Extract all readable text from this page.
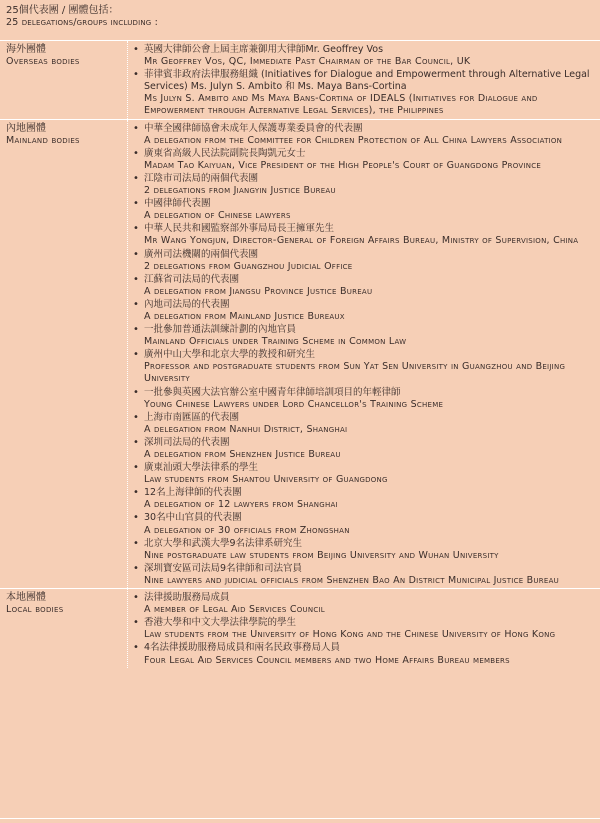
25個代表團 / 團體包括：
25 delegations/groups including :
海外團體
Overseas bodies
• 英國大律師公會上屆主席兼御用大律師Mr. Geoffrey Vos
Mr Geoffrey Vos, QC, Immediate Past Chairman of the Bar Council, UK
• 菲律賓非政府法律服務組織 (Initiatives for Dialogue and Empowerment through Alternative Legal Services) Ms. Julyn S. Ambito 和 Ms. Maya Bans-Cortina
Ms Julyn S. Ambito and Ms Maya Bans-Cortina of IDEALS (Initiatives for Dialogue and Empowerment through Alternative Legal Services), the Philippines
內地團體
Mainland bodies
• 中華全國律師協會未成年人保護專業委員會的代表團
A delegation from the Committee for Children Protection of All China Lawyers Association
• 廣東省高級人民法院副院長陶凱元女士
Madam Tao Kaiyuan, Vice President of the High People's Court of Guangdong Province
• 江陰市司法局的兩個代表團
2 delegations from Jiangyin Justice Bureau
• 中國律師代表團
A delegation of Chinese lawyers
• 中華人民共和國監察部外事局局長王擁軍先生
Mr Wang Yongjun, Director-General of Foreign Affairs Bureau, Ministry of Supervision, China
• 廣州司法機關的兩個代表團
2 delegations from Guangzhou Judicial Office
• 江蘇省司法局的代表團
A delegation from Jiangsu Province Justice Bureau
• 內地司法局的代表團
A delegation from Mainland Justice Bureaux
• 一批參加普通法訓練計劃的內地官員
Mainland Officials under Training Scheme in Common Law
• 廣州中山大學和北京大學的教授和研究生
Professor and postgraduate students from Sun Yat Sen University in Guangzhou and Beijing University
• 一批參與英國大法官辦公室中國青年律師培訓項目的年輕律師
Young Chinese Lawyers under Lord Chancellor's Training Scheme
• 上海市南匯區的代表團
A delegation from Nanhui District, Shanghai
• 深圳司法局的代表團
A delegation from Shenzhen Justice Bureau
• 廣東汕頭大學法律系的學生
Law students from Shantou University of Guangdong
• 12名上海律師的代表團
A delegation of 12 lawyers from Shanghai
• 30名中山官員的代表團
A delegation of 30 officials from Zhongshan
• 北京大學和武漢大學9名法律系研究生
Nine postgraduate law students from Beijing University and Wuhan University
• 深圳寶安區司法局9名律師和司法官員
Nine lawyers and judicial officials from Shenzhen Bao An District Municipal Justice Bureau
本地團體
Local bodies
• 法律援助服務局成員
A member of Legal Aid Services Council
• 香港大學和中文大學法律學院的學生
Law students from the University of Hong Kong and the Chinese University of Hong Kong
• 4名法律援助服務局成員和兩名民政事務局人員
Four Legal Aid Services Council members and two Home Affairs Bureau members
